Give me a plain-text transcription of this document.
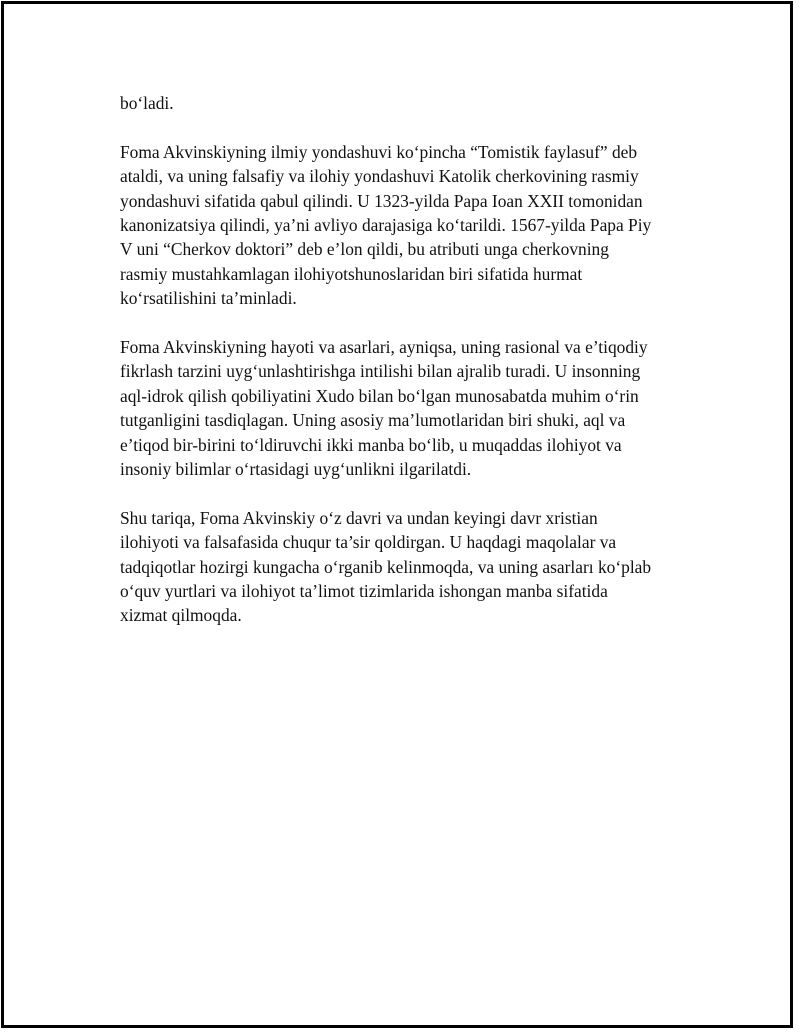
bo‘ladi.

Foma Akvinskiyning ilmiy yondashuvi ko‘pincha “Tomistik faylasuf” deb
ataldi, va uning falsafiy va ilohiy yondashuvi Katolik cherkovining rasmiy
yondashuvi sifatida qabul qilindi. U 1323-yilda Papa Ioan XXII tomonidan
kanonizatsiya qilindi, ya’ni avliyo darajasiga ko‘tarildi. 1567-yilda Papa Piy
V uni “Cherkov doktori” deb e’lon qildi, bu atributi unga cherkovning
rasmiy mustahkamlagan ilohiyotshunoslaridan biri sifatida hurmat
ko‘rsatilishini ta’minladi.

Foma Akvinskiyning hayoti va asarlari, ayniqsa, uning rasional va e’tiqodiy
fikrlash tarzini uyg‘unlashtirishga intilishi bilan ajralib turadi. U insonning
aql-idrok qilish qobiliyatini Xudo bilan bo‘lgan munosabatda muhim o‘rin
tutganligini tasdiqlagan. Uning asosiy ma’lumotlaridan biri shuki, aql va
e’tiqod bir-birini to‘ldiruvchi ikki manba bo‘lib, u muqaddas ilohiyot va
insoniy bilimlar o‘rtasidagi uyg‘unlikni ilgarilatdi.

Shu tariqa, Foma Akvinskiy o‘z davri va undan keyingi davr xristian
ilohiyoti va falsafasida chuqur ta’sir qoldirgan. U haqdagi maqolalar va
tadqiqotlar hozirgi kungacha o‘rganib kelinmoqda, va uning asarları ko‘plab
o‘quv yurtlari va ilohiyot ta’limot tizimlarida ishongan manba sifatida
xizmat qilmoqda.
